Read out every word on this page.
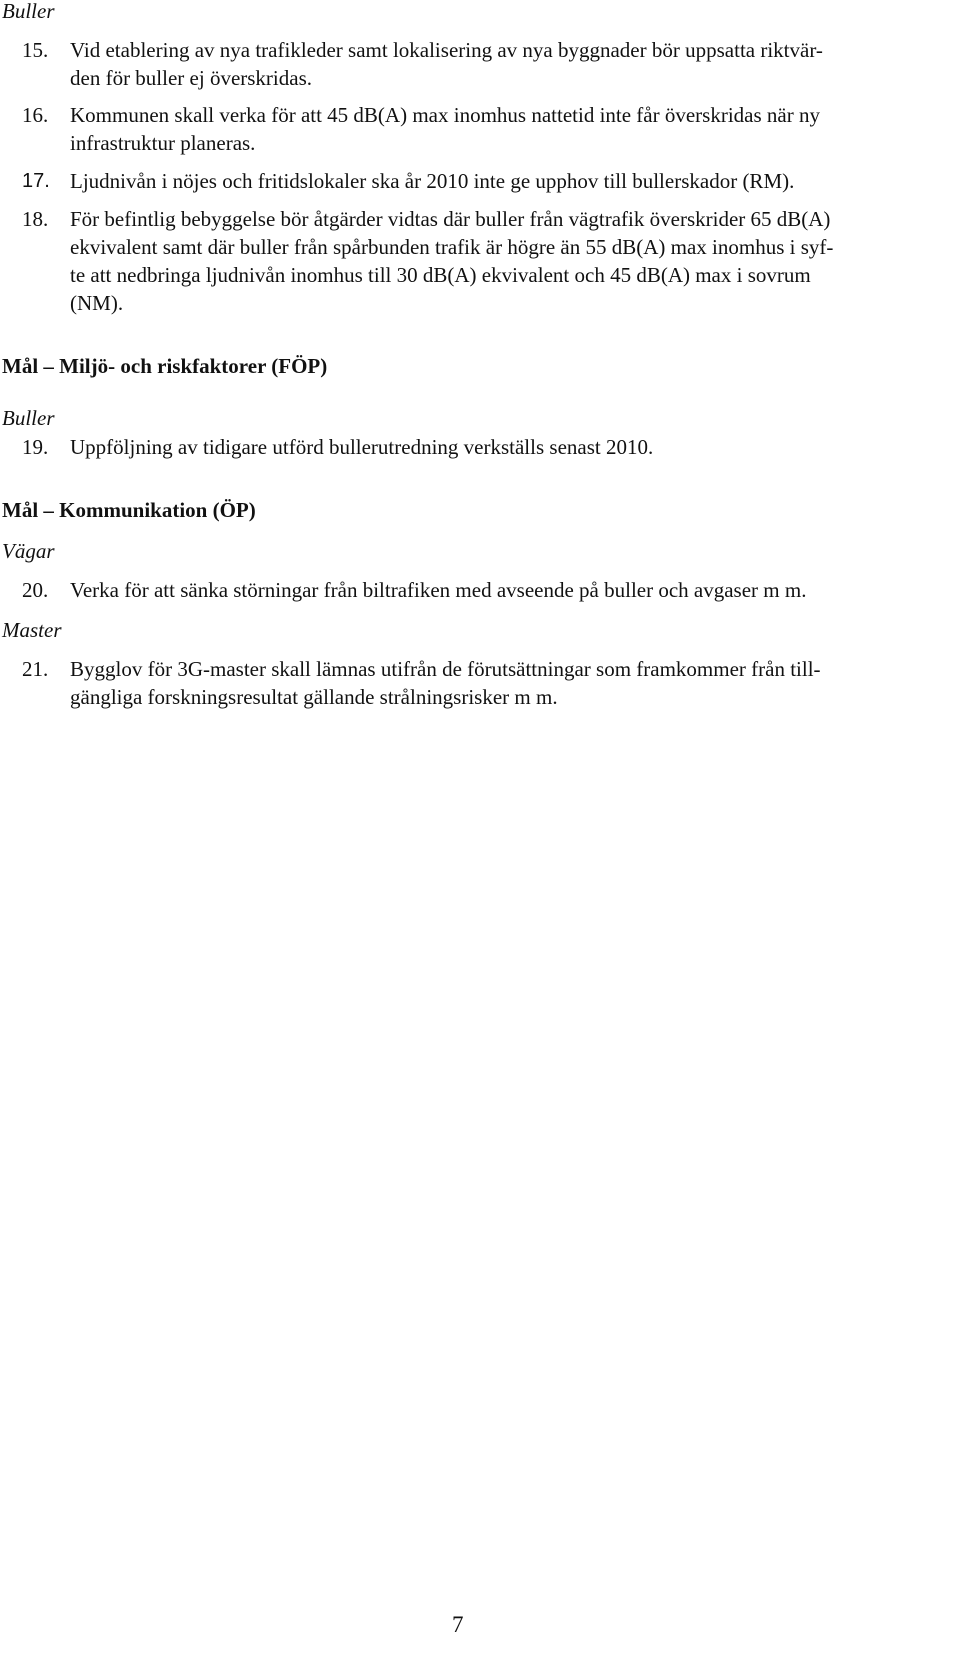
Buller

15. Vid etablering av nya trafikleder samt lokalisering av nya byggnader bör uppsatta riktvär-
den för buller ej överskridas.

16. Kommunen skall verka för att 45 dB(A) max inomhus nattetid inte får överskridas när ny
infrastruktur planeras.

17. Ljudnivån i nöjes och fritidslokaler ska år 2010 inte ge upphov till bullerskador (RM).

18. För befintlig bebyggelse bör åtgärder vidtas där buller från vägtrafik överskrider 65 dB(A)
ekvivalent samt där buller från spårbunden trafik är högre än 55 dB(A) max inomhus i syf-
te att nedbringa ljudnivån inomhus till 30 dB(A) ekvivalent och 45 dB(A) max i sovrum
(NM).

Mål – Miljö- och riskfaktorer (FÖP)

Buller

19. Uppföljning av tidigare utförd bullerutredning verkställs senast 2010.

Mål – Kommunikation (ÖP)

Vägar

20. Verka för att sänka störningar från biltrafiken med avseende på buller och avgaser m m.

Master

21. Bygglov för 3G-master skall lämnas utifrån de förutsättningar som framkommer från till-
gängliga forskningsresultat gällande strålningsrisker m m.

7
